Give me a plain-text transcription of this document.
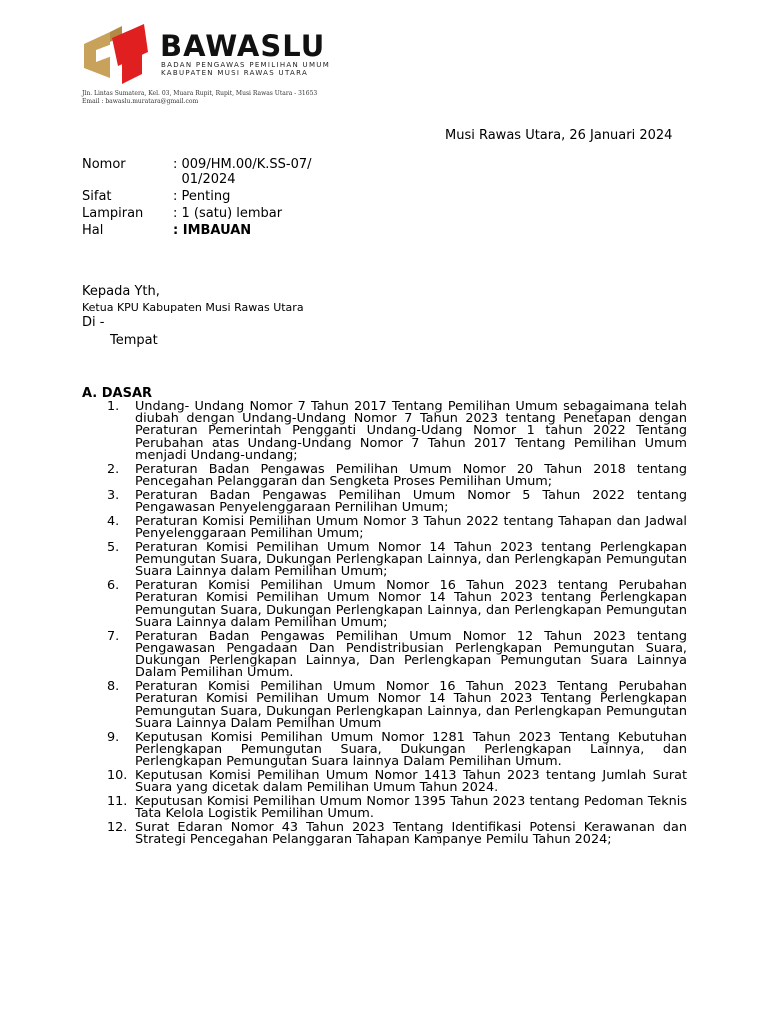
BAWASLU
BADAN PENGAWAS PEMILIHAN UMUM
KABUPATEN MUSI RAWAS UTARA
Jln. Lintas Sumatera, Kel. 03, Muara Rupit, Rupit, Musi Rawas Utara - 31653
Email : bawaslu.muratara@gmail.com
Musi Rawas Utara, 26 Januari 2024
Nomor	: 009/HM.00/K.SS-07/01/2024
Sifat	: Penting
Lampiran	: 1 (satu) lembar
Hal	: IMBAUAN
Kepada Yth,
Ketua KPU Kabupaten Musi Rawas Utara
Di -
Tempat
A. DASAR
1.	Undang- Undang Nomor 7 Tahun 2017 Tentang Pemilihan Umum sebagaimana telah diubah dengan Undang-Undang Nomor 7 Tahun 2023 tentang Penetapan dengan Peraturan Pemerintah Pengganti Undang-Udang Nomor 1 tahun 2022 Tentang Perubahan atas Undang-Undang Nomor 7 Tahun 2017 Tentang Pemilihan Umum menjadi Undang-undang;
2.	Peraturan Badan Pengawas Pemilihan Umum Nomor 20 Tahun 2018 tentang Pencegahan Pelanggaran dan Sengketa Proses Pemilihan Umum;
3.	Peraturan Badan Pengawas Pemilihan Umum Nomor 5 Tahun 2022 tentang Pengawasan Penyelenggaraan Pernilihan Umum;
4.	Peraturan Komisi Pemilihan Umum Nomor 3 Tahun 2022 tentang Tahapan dan Jadwal Penyelenggaraan Pemilihan Umum;
5.	Peraturan Komisi Pemilihan Umum Nomor 14 Tahun 2023 tentang Perlengkapan Pemungutan Suara, Dukungan Perlengkapan Lainnya, dan Perlengkapan Pemungutan Suara Lainnya dalam Pemilihan Umum;
6.	Peraturan Komisi Pemilihan Umum Nomor 16 Tahun 2023 tentang Perubahan Peraturan Komisi Pemilihan Umum Nomor 14 Tahun 2023 tentang Perlengkapan Pemungutan Suara, Dukungan Perlengkapan Lainnya, dan Perlengkapan Pemungutan Suara Lainnya dalam Pemilihan Umum;
7.	Peraturan Badan Pengawas Pemilihan Umum Nomor 12 Tahun 2023 tentang Pengawasan Pengadaan Dan Pendistribusian Perlengkapan Pemungutan Suara, Dukungan Perlengkapan Lainnya, Dan Perlengkapan Pemungutan Suara Lainnya Dalam Pemilihan Umum.
8.	Peraturan Komisi Pemilihan Umum Nomor 16 Tahun 2023 Tentang Perubahan Peraturan Komisi Pemilihan Umum Nomor 14 Tahun 2023 Tentang Perlengkapan Pemungutan Suara, Dukungan Perlengkapan Lainnya, dan Perlengkapan Pemungutan Suara Lainnya Dalam Pemilhan Umum
9.	Keputusan Komisi Pemilihan Umum Nomor 1281 Tahun 2023 Tentang Kebutuhan Perlengkapan Pemungutan Suara, Dukungan Perlengkapan Lainnya, dan Perlengkapan Pemungutan Suara lainnya Dalam Pemilihan Umum.
10. Keputusan Komisi Pemilihan Umum Nomor 1413 Tahun 2023 tentang Jumlah Surat Suara yang dicetak dalam Pemilihan Umum Tahun 2024.
11. Keputusan Komisi Pemilihan Umum Nomor 1395 Tahun 2023 tentang Pedoman Teknis Tata Kelola Logistik Pemilihan Umum.
12. Surat Edaran Nomor 43 Tahun 2023 Tentang Identifikasi Potensi Kerawanan dan Strategi Pencegahan Pelanggaran Tahapan Kampanye Pemilu Tahun 2024;
